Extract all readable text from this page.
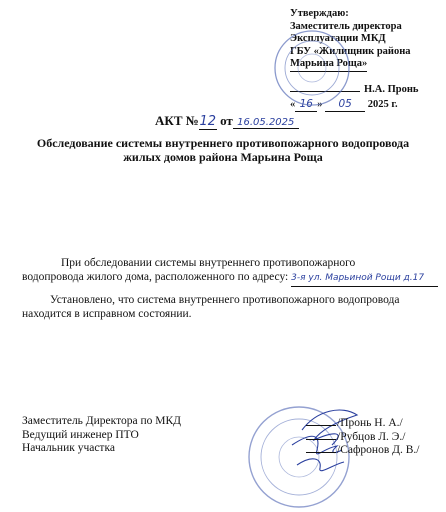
Утверждаю:
Заместитель директора
Эксплуатации МКД
ГБУ «Жилищник района
Марьина Роща»
Н.А. Пронь
« 16 » 05 2025 г.
АКТ №12 от 16.05.2025
Обследование системы внутреннего противопожарного водопровода
жилых домов района Марьина Роща
При обследовании системы внутреннего противопожарного
водопровода жилого дома, расположенного по адресу: 3-я ул. Марьиной Рощи д.17
Установлено, что система внутреннего противопожарного водопровода
находится в исправном состоянии.
Заместитель Директора по МКД
Ведущий инженер ПТО
Начальник участка
/Пронь Н. А./
/Рубцов Л. Э./
/Сафронов Д. В./
